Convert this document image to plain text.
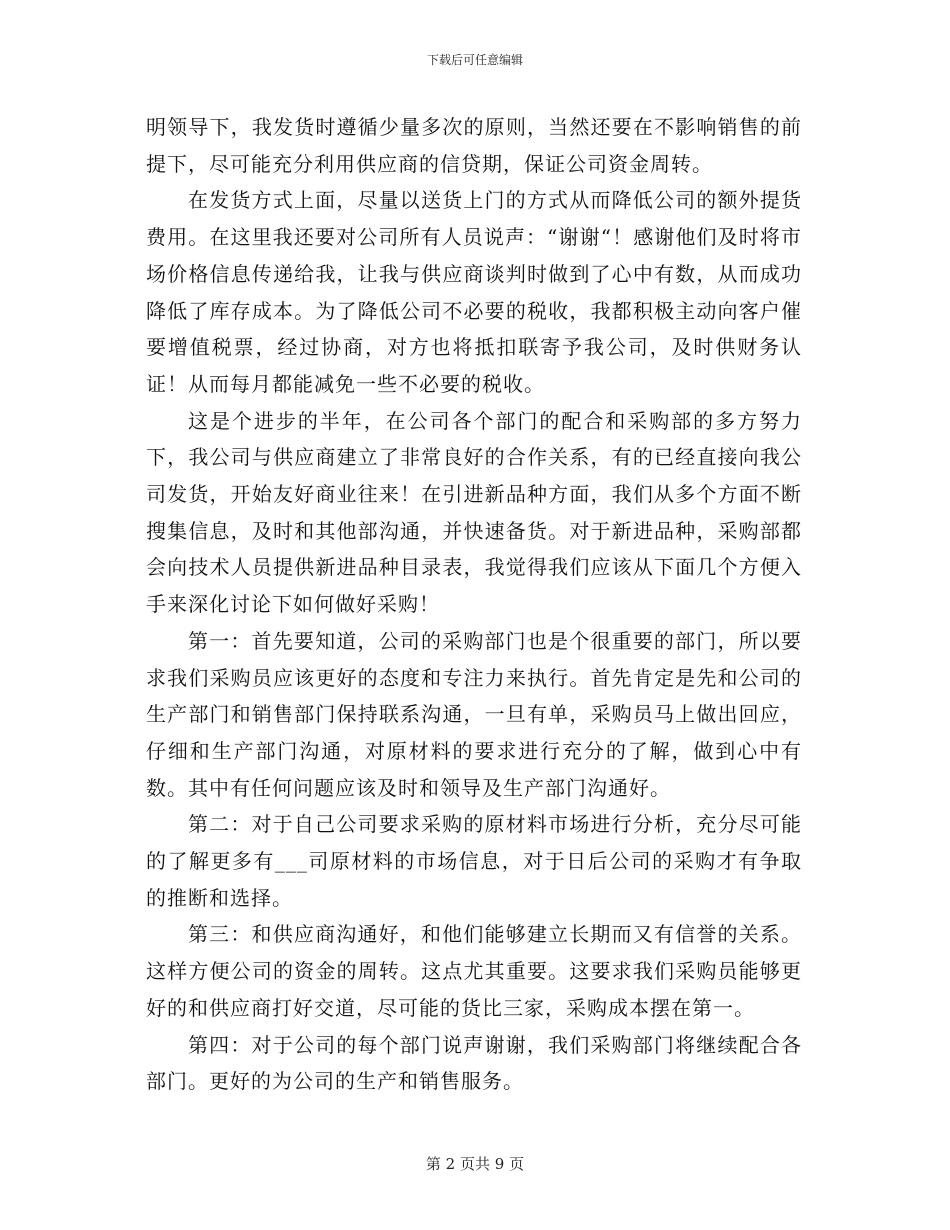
下载后可任意编辑

明领导下，我发货时遵循少量多次的原则，当然还要在不影响销售的前提下，尽可能充分利用供应商的信贷期，保证公司资金周转。

在发货方式上面，尽量以送货上门的方式从而降低公司的额外提货费用。在这里我还要对公司所有人员说声：“谢谢“！感谢他们及时将市场价格信息传递给我，让我与供应商谈判时做到了心中有数，从而成功降低了库存成本。为了降低公司不必要的税收，我都积极主动向客户催要增值税票，经过协商，对方也将抵扣联寄予我公司，及时供财务认证！从而每月都能减免一些不必要的税收。

这是个进步的半年，在公司各个部门的配合和采购部的多方努力下，我公司与供应商建立了非常良好的合作关系，有的已经直接向我公司发货，开始友好商业往来！在引进新品种方面，我们从多个方面不断搜集信息，及时和其他部沟通，并快速备货。对于新进品种，采购部都会向技术人员提供新进品种目录表，我觉得我们应该从下面几个方便入手来深化讨论下如何做好采购！

第一：首先要知道，公司的采购部门也是个很重要的部门，所以要求我们采购员应该更好的态度和专注力来执行。首先肯定是先和公司的生产部门和销售部门保持联系沟通，一旦有单，采购员马上做出回应，仔细和生产部门沟通，对原材料的要求进行充分的了解，做到心中有数。其中有任何问题应该及时和领导及生产部门沟通好。

第二：对于自己公司要求采购的原材料市场进行分析，充分尽可能的了解更多有___司原材料的市场信息，对于日后公司的采购才有争取的推断和选择。

第三：和供应商沟通好，和他们能够建立长期而又有信誉的关系。这样方便公司的资金的周转。这点尤其重要。这要求我们采购员能够更好的和供应商打好交道，尽可能的货比三家，采购成本摆在第一。

第四：对于公司的每个部门说声谢谢，我们采购部门将继续配合各部门。更好的为公司的生产和销售服务。

第 2 页共 9 页
